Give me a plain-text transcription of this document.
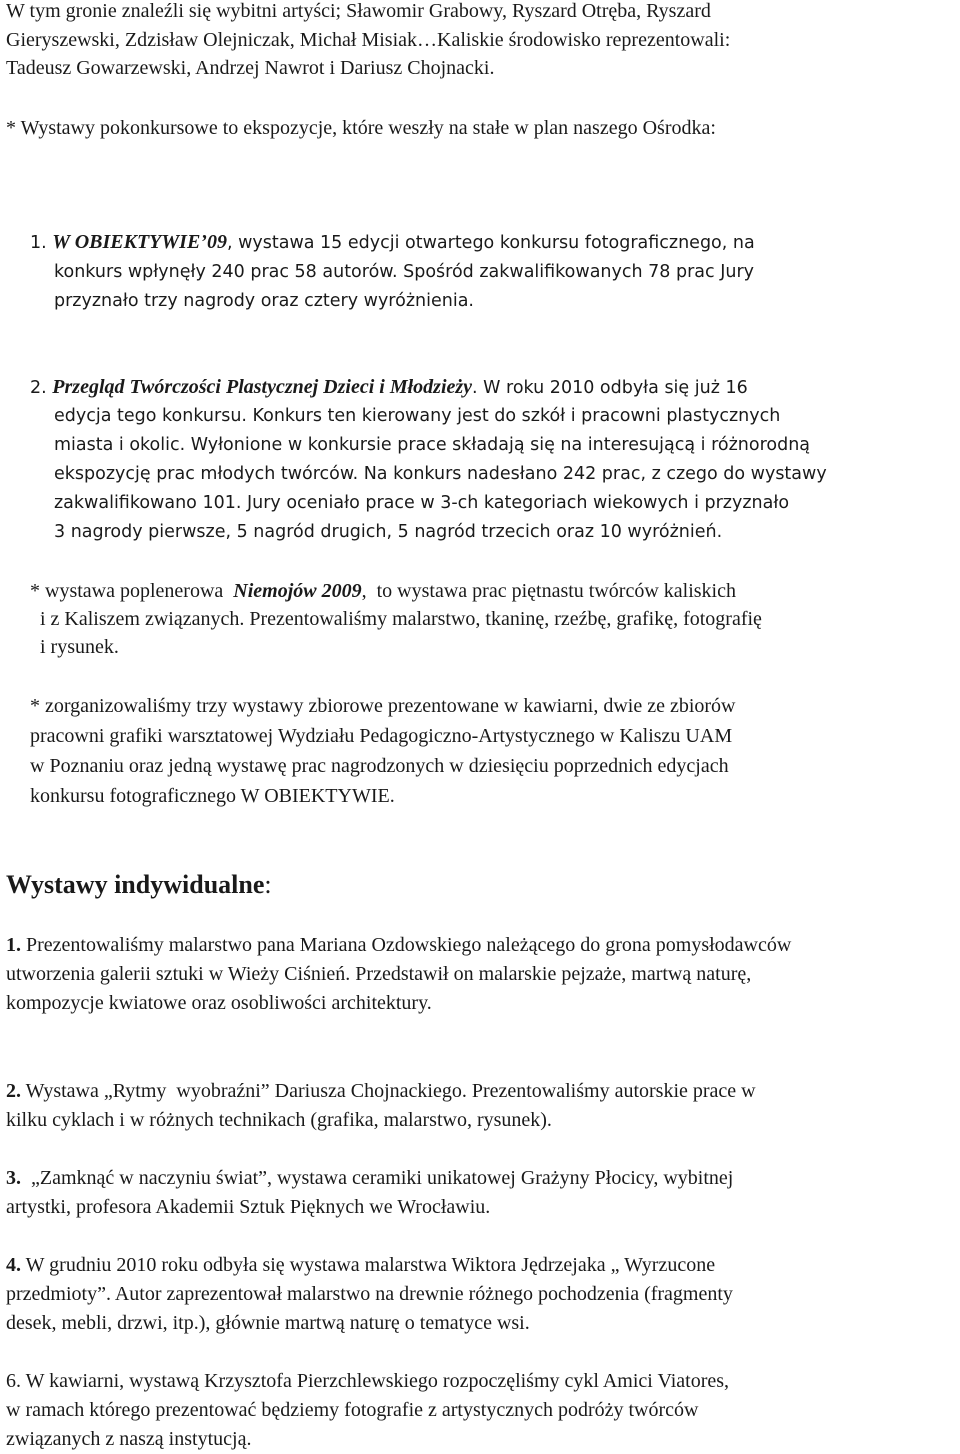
W tym gronie znaleźli się wybitni artyści; Sławomir Grabowy, Ryszard Otręba, Ryszard
Gieryszewski, Zdzisław Olejniczak, Michał Misiak…Kaliskie środowisko reprezentowali:
Tadeusz Gowarzewski, Andrzej Nawrot i Dariusz Chojnacki.
* Wystawy pokonkursowe to ekspozycje, które weszły na stałe w plan naszego Ośrodka:
1. W OBIEKTYWIE’09, wystawa 15 edycji otwartego konkursu fotograficznego, na
konkurs wpłynęły 240 prac 58 autorów. Spośród zakwalifikowanych 78 prac Jury
przyznało trzy nagrody oraz cztery wyróżnienia.
2. Przegląd Twórczości Plastycznej Dzieci i Młodzieży. W roku 2010 odbyła się już 16
edycja tego konkursu. Konkurs ten kierowany jest do szkół i pracowni plastycznych
miasta i okolic. Wyłonione w konkursie prace składają się na interesującą i różnorodną
ekspozycję prac młodych twórców. Na konkurs nadesłano 242 prac, z czego do wystawy
zakwalifikowano 101. Jury oceniało prace w 3-ch kategoriach wiekowych i przyznało
3 nagrody pierwsze, 5 nagród drugich, 5 nagród trzecich oraz 10 wyróżnień.
* wystawa poplenerowa  Niemojów 2009,  to wystawa prac piętnastu twórców kaliskich
i z Kaliszem związanych. Prezentowaliśmy malarstwo, tkaninę, rzeźbę, grafikę, fotografię
i rysunek.
* zorganizowaliśmy trzy wystawy zbiorowe prezentowane w kawiarni, dwie ze zbiorów
pracowni grafiki warsztatowej Wydziału Pedagogiczno-Artystycznego w Kaliszu UAM
w Poznaniu oraz jedną wystawę prac nagrodzonych w dziesięciu poprzednich edycjach
konkursu fotograficznego W OBIEKTYWIE.
Wystawy indywidualne:
1. Prezentowaliśmy malarstwo pana Mariana Ozdowskiego należącego do grona pomysłodawców
utworzenia galerii sztuki w Wieży Ciśnień. Przedstawił on malarskie pejzaże, martwą naturę,
kompozycje kwiatowe oraz osobliwości architektury.
2. Wystawa „Rytmy  wyobraźni” Dariusza Chojnackiego. Prezentowaliśmy autorskie prace w
kilku cyklach i w różnych technikach (grafika, malarstwo, rysunek).
3.  „Zamknąć w naczyniu świat”, wystawa ceramiki unikatowej Grażyny Płocicy, wybitnej
artystki, profesora Akademii Sztuk Pięknych we Wrocławiu.
4. W grudniu 2010 roku odbyła się wystawa malarstwa Wiktora Jędrzejaka „ Wyrzucone
przedmioty”. Autor zaprezentował malarstwo na drewnie różnego pochodzenia (fragmenty
desek, mebli, drzwi, itp.), głównie martwą naturę o tematyce wsi.
6. W kawiarni, wystawą Krzysztofa Pierzchlewskiego rozpoczęliśmy cykl Amici Viatores,
w ramach którego prezentować będziemy fotografie z artystycznych podróży twórców
związanych z naszą instytucją.
